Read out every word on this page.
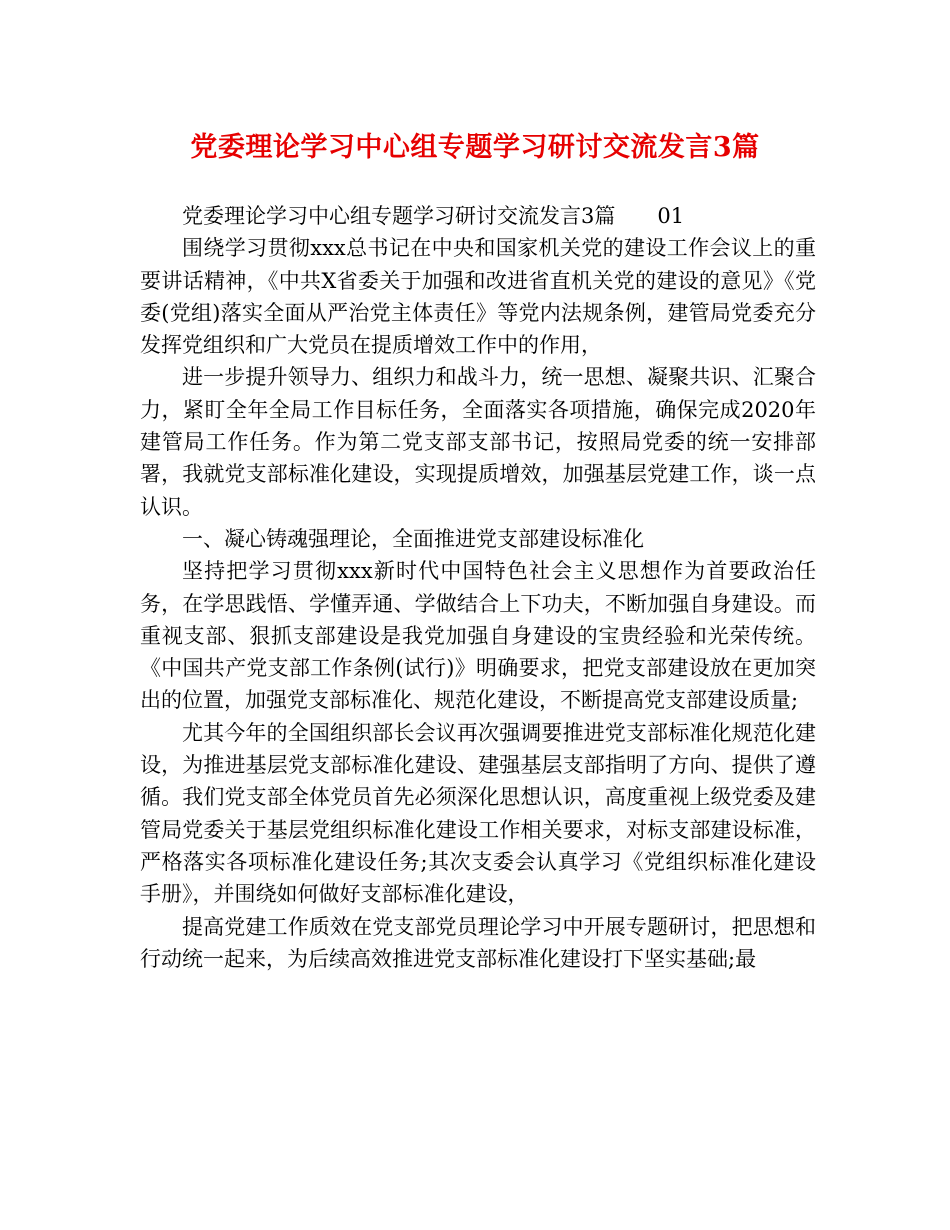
党委理论学习中心组专题学习研讨交流发言3篇

党委理论学习中心组专题学习研讨交流发言3篇　　01

围绕学习贯彻xxx总书记在中央和国家机关党的建设工作会议上的重要讲话精神，《中共X省委关于加强和改进省直机关党的建设的意见》《党委(党组)落实全面从严治党主体责任》等党内法规条例，建管局党委充分发挥党组织和广大党员在提质增效工作中的作用，

进一步提升领导力、组织力和战斗力，统一思想、凝聚共识、汇聚合力，紧盯全年全局工作目标任务，全面落实各项措施，确保完成2020年建管局工作任务。作为第二党支部支部书记，按照局党委的统一安排部署，我就党支部标准化建设，实现提质增效，加强基层党建工作，谈一点认识。

一、凝心铸魂强理论，全面推进党支部建设标准化

坚持把学习贯彻xxx新时代中国特色社会主义思想作为首要政治任务，在学思践悟、学懂弄通、学做结合上下功夫，不断加强自身建设。而重视支部、狠抓支部建设是我党加强自身建设的宝贵经验和光荣传统。《中国共产党支部工作条例(试行)》明确要求，把党支部建设放在更加突出的位置，加强党支部标准化、规范化建设，不断提高党支部建设质量;

尤其今年的全国组织部长会议再次强调要推进党支部标准化规范化建设，为推进基层党支部标准化建设、建强基层支部指明了方向、提供了遵循。我们党支部全体党员首先必须深化思想认识，高度重视上级党委及建管局党委关于基层党组织标准化建设工作相关要求，对标支部建设标准，严格落实各项标准化建设任务;其次支委会认真学习《党组织标准化建设手册》，并围绕如何做好支部标准化建设，

提高党建工作质效在党支部党员理论学习中开展专题研讨，把思想和行动统一起来，为后续高效推进党支部标准化建设打下坚实基础;最
